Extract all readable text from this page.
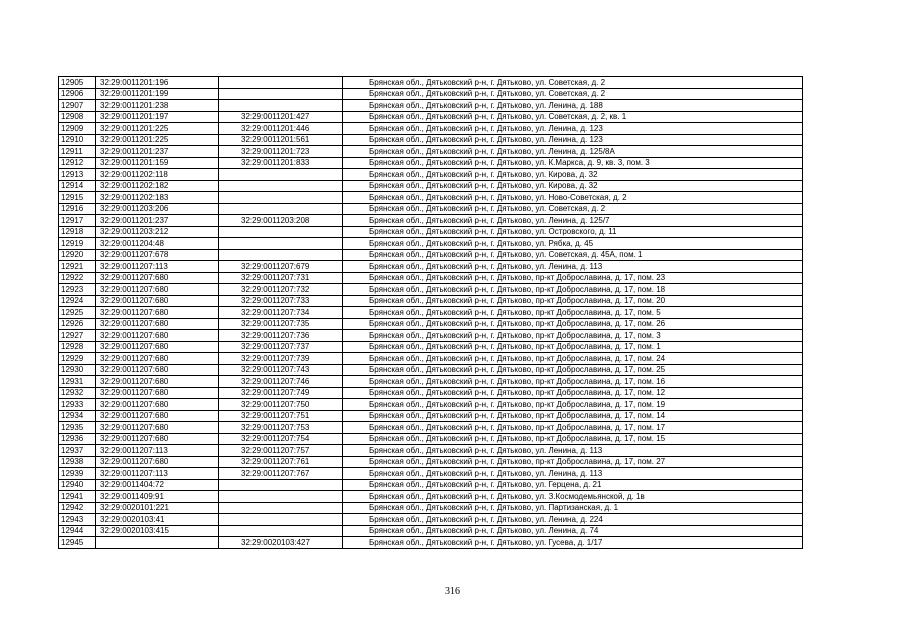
12905	32:29:0011201:196		Брянская обл., Дятьковский р-н, г. Дятьково, ул. Советская, д. 2
12906	32:29:0011201:199		Брянская обл., Дятьковский р-н, г. Дятьково, ул. Советская, д. 2
12907	32:29:0011201:238		Брянская обл., Дятьковский р-н, г. Дятьково, ул. Ленина, д. 188
12908	32:29:0011201:197	32:29:0011201:427	Брянская обл., Дятьковский р-н, г. Дятьково, ул. Советская, д. 2, кв. 1
12909	32:29:0011201:225	32:29:0011201:446	Брянская обл., Дятьковский р-н, г. Дятьково, ул. Ленина, д. 123
12910	32:29:0011201:225	32:29:0011201:561	Брянская обл., Дятьковский р-н, г. Дятьково, ул. Ленина, д. 123
12911	32:29:0011201:237	32:29:0011201:723	Брянская обл., Дятьковский р-н, г. Дятьково, ул. Ленина, д. 125/8А
12912	32:29:0011201:159	32:29:0011201:833	Брянская обл., Дятьковский р-н, г. Дятьково, ул. К.Маркса, д. 9, кв. 3, пом. 3
12913	32:29:0011202:118		Брянская обл., Дятьковский р-н, г. Дятьково, ул. Кирова, д. 32
12914	32:29:0011202:182		Брянская обл., Дятьковский р-н, г. Дятьково, ул. Кирова, д. 32
12915	32:29:0011202:183		Брянская обл., Дятьковский р-н, г. Дятьково, ул. Ново-Советская, д. 2
12916	32:29:0011203:206		Брянская обл., Дятьковский р-н, г. Дятьково, ул. Советская, д. 2
12917	32:29:0011201:237	32:29:0011203:208	Брянская обл., Дятьковский р-н, г. Дятьково, ул. Ленина, д. 125/7
12918	32:29:0011203:212		Брянская обл., Дятьковский р-н, г. Дятьково, ул. Островского, д. 11
12919	32:29:0011204:48		Брянская обл., Дятьковский р-н, г. Дятьково, ул. Рябка, д. 45
12920	32:29:0011207:678		Брянская обл., Дятьковский р-н, г. Дятьково, ул. Советская, д. 45А, пом. 1
12921	32:29:0011207:113	32:29:0011207:679	Брянская обл., Дятьковский р-н, г. Дятьково, ул. Ленина, д. 113
12922	32:29:0011207:680	32:29:0011207:731	Брянская обл., Дятьковский р-н, г. Дятьково, пр-кт Доброславина, д. 17, пом. 23
12923	32:29:0011207:680	32:29:0011207:732	Брянская обл., Дятьковский р-н, г. Дятьково, пр-кт Доброславина, д. 17, пом. 18
12924	32:29:0011207:680	32:29:0011207:733	Брянская обл., Дятьковский р-н, г. Дятьково, пр-кт Доброславина, д. 17, пом. 20
12925	32:29:0011207:680	32:29:0011207:734	Брянская обл., Дятьковский р-н, г. Дятьково, пр-кт Доброславина, д. 17, пом. 5
12926	32:29:0011207:680	32:29:0011207:735	Брянская обл., Дятьковский р-н, г. Дятьково, пр-кт Доброславина, д. 17, пом. 26
12927	32:29:0011207:680	32:29:0011207:736	Брянская обл., Дятьковский р-н, г. Дятьково, пр-кт Доброславина, д. 17, пом. 3
12928	32:29:0011207:680	32:29:0011207:737	Брянская обл., Дятьковский р-н, г. Дятьково, пр-кт Доброславина, д. 17, пом. 1
12929	32:29:0011207:680	32:29:0011207:739	Брянская обл., Дятьковский р-н, г. Дятьково, пр-кт Доброславина, д. 17, пом. 24
12930	32:29:0011207:680	32:29:0011207:743	Брянская обл., Дятьковский р-н, г. Дятьково, пр-кт Доброславина, д. 17, пом. 25
12931	32:29:0011207:680	32:29:0011207:746	Брянская обл., Дятьковский р-н, г. Дятьково, пр-кт Доброславина, д. 17, пом. 16
12932	32:29:0011207:680	32:29:0011207:749	Брянская обл., Дятьковский р-н, г. Дятьково, пр-кт Доброславина, д. 17, пом. 12
12933	32:29:0011207:680	32:29:0011207:750	Брянская обл., Дятьковский р-н, г. Дятьково, пр-кт Доброславина, д. 17, пом. 19
12934	32:29:0011207:680	32:29:0011207:751	Брянская обл., Дятьковский р-н, г. Дятьково, пр-кт Доброславина, д. 17, пом. 14
12935	32:29:0011207:680	32:29:0011207:753	Брянская обл., Дятьковский р-н, г. Дятьково, пр-кт Доброславина, д. 17, пом. 17
12936	32:29:0011207:680	32:29:0011207:754	Брянская обл., Дятьковский р-н, г. Дятьково, пр-кт Доброславина, д. 17, пом. 15
12937	32:29:0011207:113	32:29:0011207:757	Брянская обл., Дятьковский р-н, г. Дятьково, ул. Ленина, д. 113
12938	32:29:0011207:680	32:29:0011207:761	Брянская обл., Дятьковский р-н, г. Дятьково, пр-кт Доброславина, д. 17, пом. 27
12939	32:29:0011207:113	32:29:0011207:767	Брянская обл., Дятьковский р-н, г. Дятьково, ул. Ленина, д. 113
12940	32:29:0011404:72		Брянская обл., Дятьковский р-н, г. Дятьково, ул. Герцена, д. 21
12941	32:29:0011409:91		Брянская обл., Дятьковский р-н, г. Дятьково, ул. З.Космодемьянской, д. 1в
12942	32:29:0020101:221		Брянская обл., Дятьковский р-н, г. Дятьково, ул. Партизанская, д. 1
12943	32:29:0020103:41		Брянская обл., Дятьковский р-н, г. Дятьково, ул. Ленина, д. 224
12944	32:29:0020103:415		Брянская обл., Дятьковский р-н, г. Дятьково, ул. Ленина, д. 74
12945		32:29:0020103:427	Брянская обл., Дятьковский р-н, г. Дятьково, ул. Гусева, д. 1/17
316
